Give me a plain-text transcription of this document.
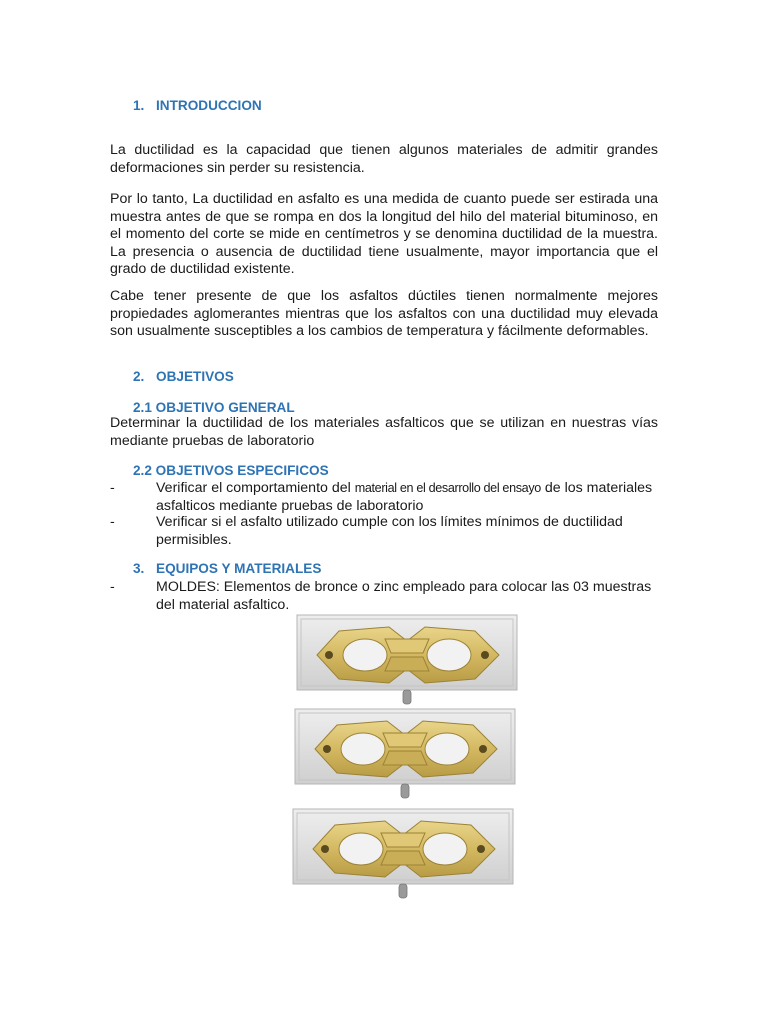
1. INTRODUCCION

La ductilidad es la capacidad que tienen algunos materiales de admitir grandes deformaciones sin perder su resistencia.

Por lo tanto, La ductilidad en asfalto es una medida de cuanto puede ser estirada una muestra antes de que se rompa en dos la longitud del hilo del material bituminoso, en el momento del corte se mide en centímetros y se denomina ductilidad de la muestra. La presencia o ausencia de ductilidad tiene usualmente, mayor importancia que el grado de ductilidad existente.

Cabe tener presente de que los asfaltos dúctiles tienen normalmente mejores propiedades aglomerantes mientras que los asfaltos con una ductilidad muy elevada son usualmente susceptibles a los cambios de temperatura y fácilmente deformables.

2. OBJETIVOS
2.1 OBJETIVO GENERAL

Determinar la ductilidad de los materiales asfalticos que se utilizan en nuestras vías mediante pruebas de laboratorio

2.2 OBJETIVOS ESPECIFICOS
-	Verificar el comportamiento del material en el desarrollo del ensayo de los materiales asfalticos mediante pruebas de laboratorio
-	Verificar si el asfalto utilizado cumple con los límites mínimos de ductilidad permisibles.
3. EQUIPOS Y MATERIALES
-	MOLDES: Elementos de bronce o zinc empleado para colocar las 03 muestras del material asfaltico.
